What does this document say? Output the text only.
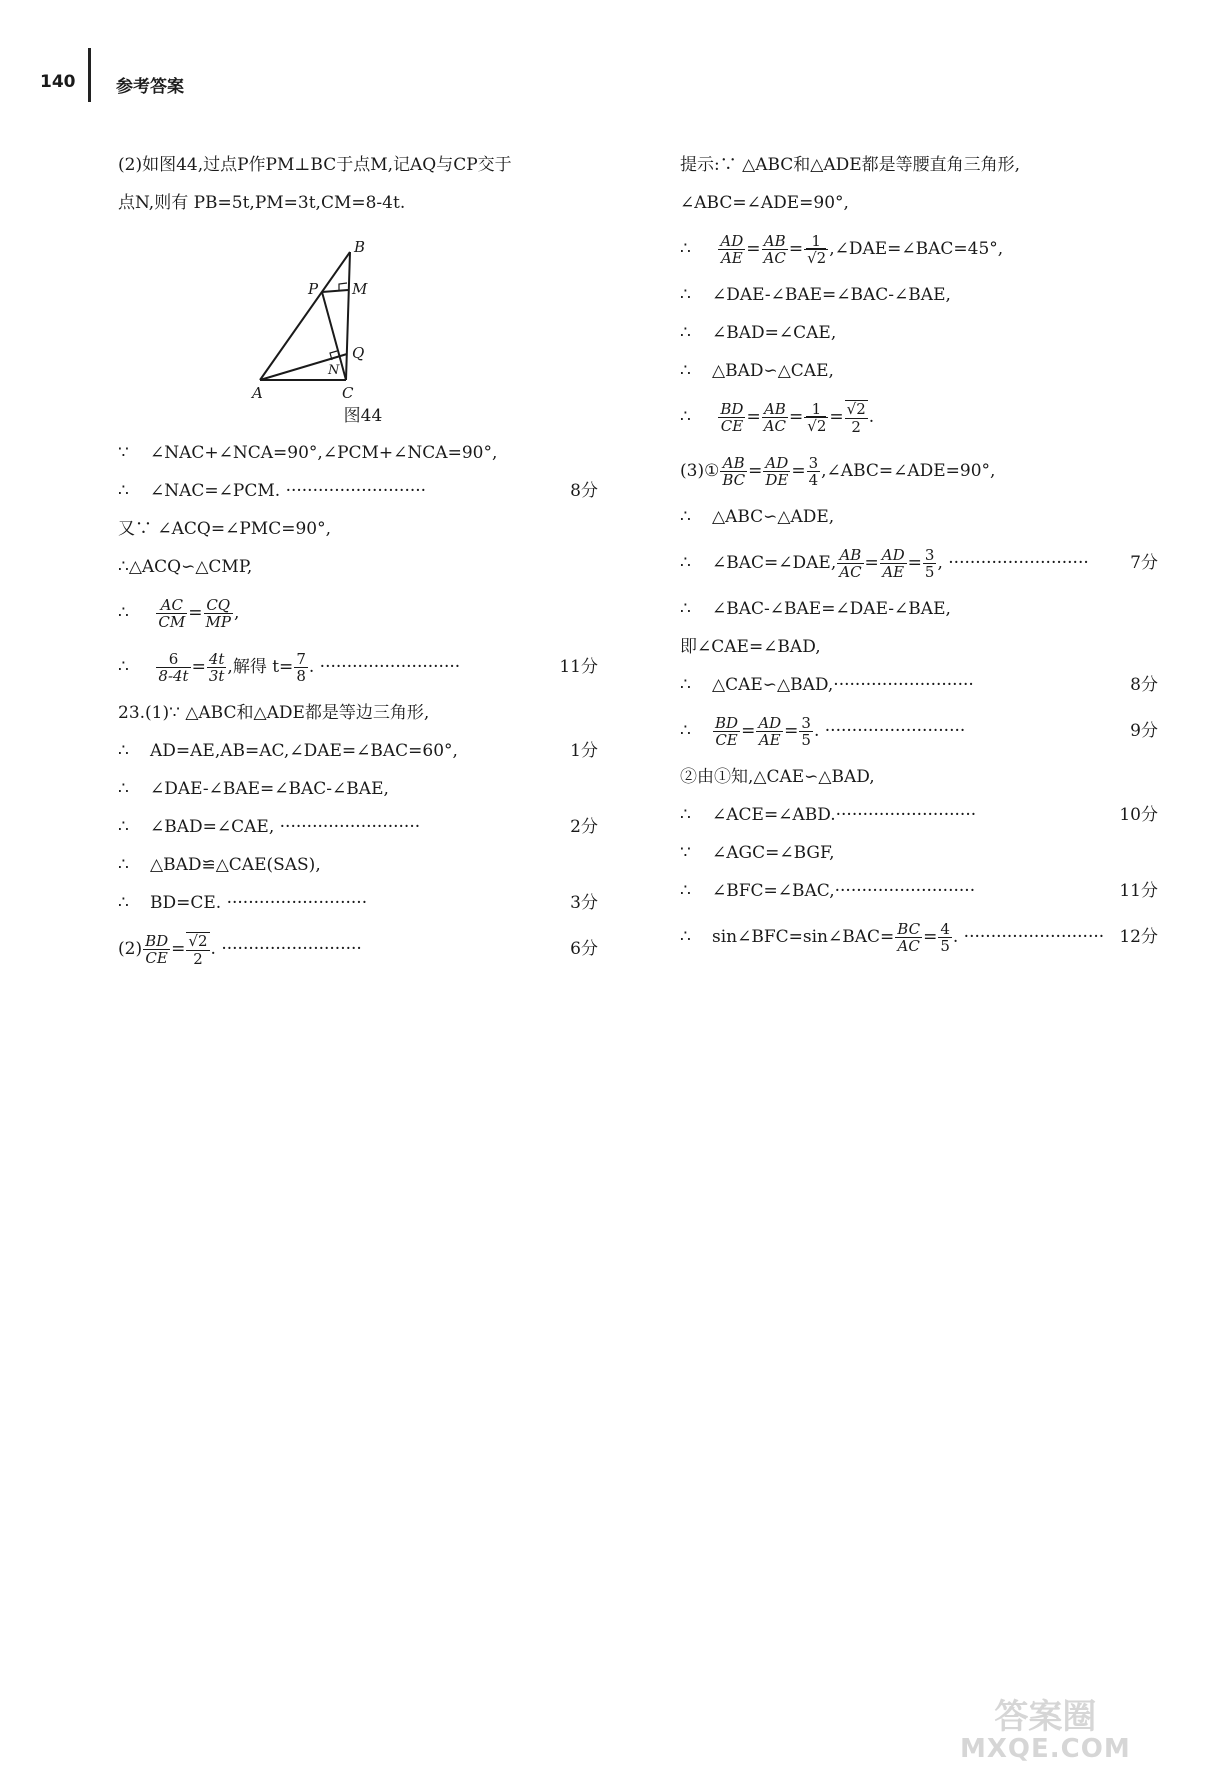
140 参考答案
(2)如图44,过点P作PM⊥BC于点M,记AQ与CP交于
点N,则有 PB=5t,PM=3t,CM=8-4t.
B
P M
Q
N
A	C
图44
∵ ∠NAC+∠NCA=90°,∠PCM+∠NCA=90°,
∴ ∠NAC=∠PCM. ··························	8分
又∵ ∠ACQ=∠PMC=90°,
∴△ACQ∽△CMP,
∴ $\frac{AC}{CM} = \frac{CQ}{MP}$ ,
∴ $\frac{6}{8-4t} = \frac{4t}{3t}$ ,解得 $t= \frac{7}{8}$ . ··························	11分
23.(1)∵ △ABC和△ADE都是等边三角形,
∴ AD=AE,AB=AC,∠DAE=∠BAC=60°,	1分
∴ ∠DAE-∠BAE=∠BAC-∠BAE,
∴ ∠BAD=∠CAE, ··························	2分
∴ △BAD≌△CAE(SAS),
∴ BD=CE. ··························	3分
$(2) \frac{BD}{CE} = \frac{√2}{2}$ . ··························	6分
提示:∵ △ABC和△ADE都是等腰直角三角形,
∠ABC=∠ADE=90°,
∴ $\frac{AD}{AE} = \frac{AB}{AC} = \frac{1}{√2}$ ,∠DAE=∠BAC=45°,
∴ ∠DAE-∠BAE=∠BAC-∠BAE,
∴ ∠BAD=∠CAE,
∴ △BAD∽△CAE,
∴ $\frac{BD}{CE} = \frac{AB}{AC} = \frac{1}{√2} = \frac{√2}{2}$ .
(3)① $\frac{AB}{BC} = \frac{AD}{DE} = \frac{3}{4}$ ,∠ABC=∠ADE=90°,
∴ △ABC∽△ADE,
∴ ∠BAC=∠DAE, $\frac{AB}{AC} = \frac{AD}{AE} = \frac{3}{5}$ , ·························· 7分
∴ ∠BAC-∠BAE=∠DAE-∠BAE,
即∠CAE=∠BAD,
∴ △CAE∽△BAD,··························	8分
∴ $\frac{BD}{CE} = \frac{AD}{AE} = \frac{3}{5}$ . ··························	9分
②由①知,△CAE∽△BAD,
∴ ∠ACE=∠ABD.··························	10分
∵ ∠AGC=∠BGF,
∴ ∠BFC=∠BAC,··························	11分
∴ sin∠BFC=sin∠BAC= $\frac{BC}{AC} = \frac{4}{5}$ . ·························· 12分
答案圈
MXQE.COM
